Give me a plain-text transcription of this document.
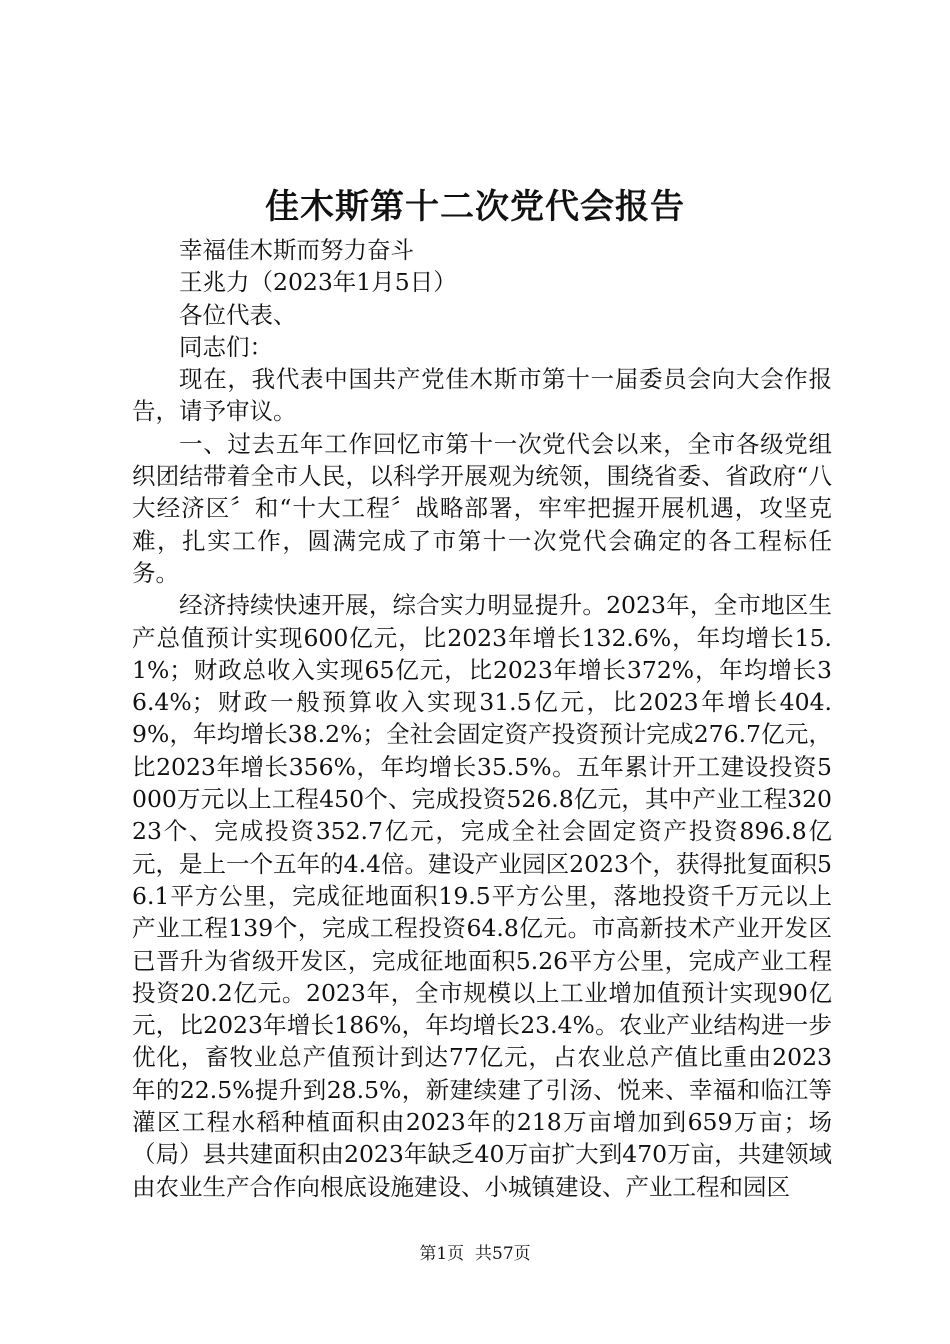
佳木斯第十二次党代会报告

幸福佳木斯而努力奋斗

王兆力（2023年1月5日）

各位代表、

同志们：

现在，我代表中国共产党佳木斯市第十一届委员会向大会作报告，请予审议。

一、过去五年工作回忆市第十一次党代会以来，全市各级党组织团结带着全市人民，以科学开展观为统领，围绕省委、省政府“八大经济区〞和“十大工程〞战略部署，牢牢把握开展机遇，攻坚克难，扎实工作，圆满完成了市第十一次党代会确定的各工程标任务。

经济持续快速开展，综合实力明显提升。2023年，全市地区生产总值预计实现600亿元，比2023年增长132.6%，年均增长15.1%；财政总收入实现65亿元，比2023年增长372%，年均增长36.4%；财政一般预算收入实现31.5亿元，比2023年增长404.9%，年均增长38.2%；全社会固定资产投资预计完成276.7亿元，比2023年增长356%，年均增长35.5%。五年累计开工建设投资5000万元以上工程450个、完成投资526.8亿元，其中产业工程32023个、完成投资352.7亿元，完成全社会固定资产投资896.8亿元，是上一个五年的4.4倍。建设产业园区2023个，获得批复面积56.1平方公里，完成征地面积19.5平方公里，落地投资千万元以上产业工程139个，完成工程投资64.8亿元。市高新技术产业开发区已晋升为省级开发区，完成征地面积5.26平方公里，完成产业工程投资20.2亿元。2023年，全市规模以上工业增加值预计实现90亿元，比2023年增长186%，年均增长23.4%。农业产业结构进一步优化，畜牧业总产值预计到达77亿元，占农业总产值比重由2023年的22.5%提升到28.5%，新建续建了引汤、悦来、幸福和临江等灌区工程水稻种植面积由2023年的218万亩增加到659万亩；场（局）县共建面积由2023年缺乏40万亩扩大到470万亩，共建领域由农业生产合作向根底设施建设、小城镇建设、产业工程和园区

第1页 共57页
